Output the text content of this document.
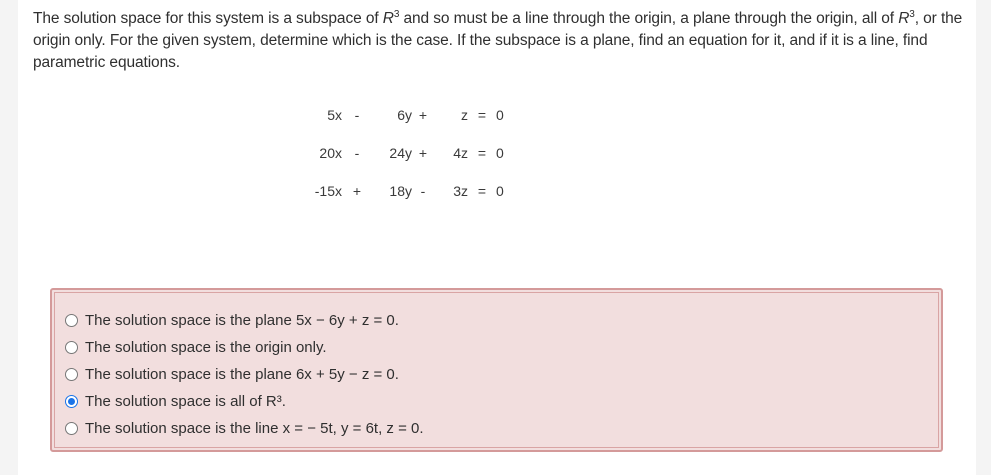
The solution space for this system is a subspace of $R^3$ and so must be a line through the origin, a plane through the origin, all of $R^3$, or the origin only. For the given system, determine which is the case. If the subspace is a plane, find an equation for it, and if it is a line, find parametric equations.
5x	-	6y	+	z	=	0
20x	-	24y	+	4z	=	0
-15x	+	18y	-	3z	=	0
The solution space is the plane 5x − 6y + z = 0.
The solution space is the origin only.
The solution space is the plane 6x + 5y − z = 0.
The solution space is all of R³.
The solution space is the line x = − 5t, y = 6t, z = 0.
